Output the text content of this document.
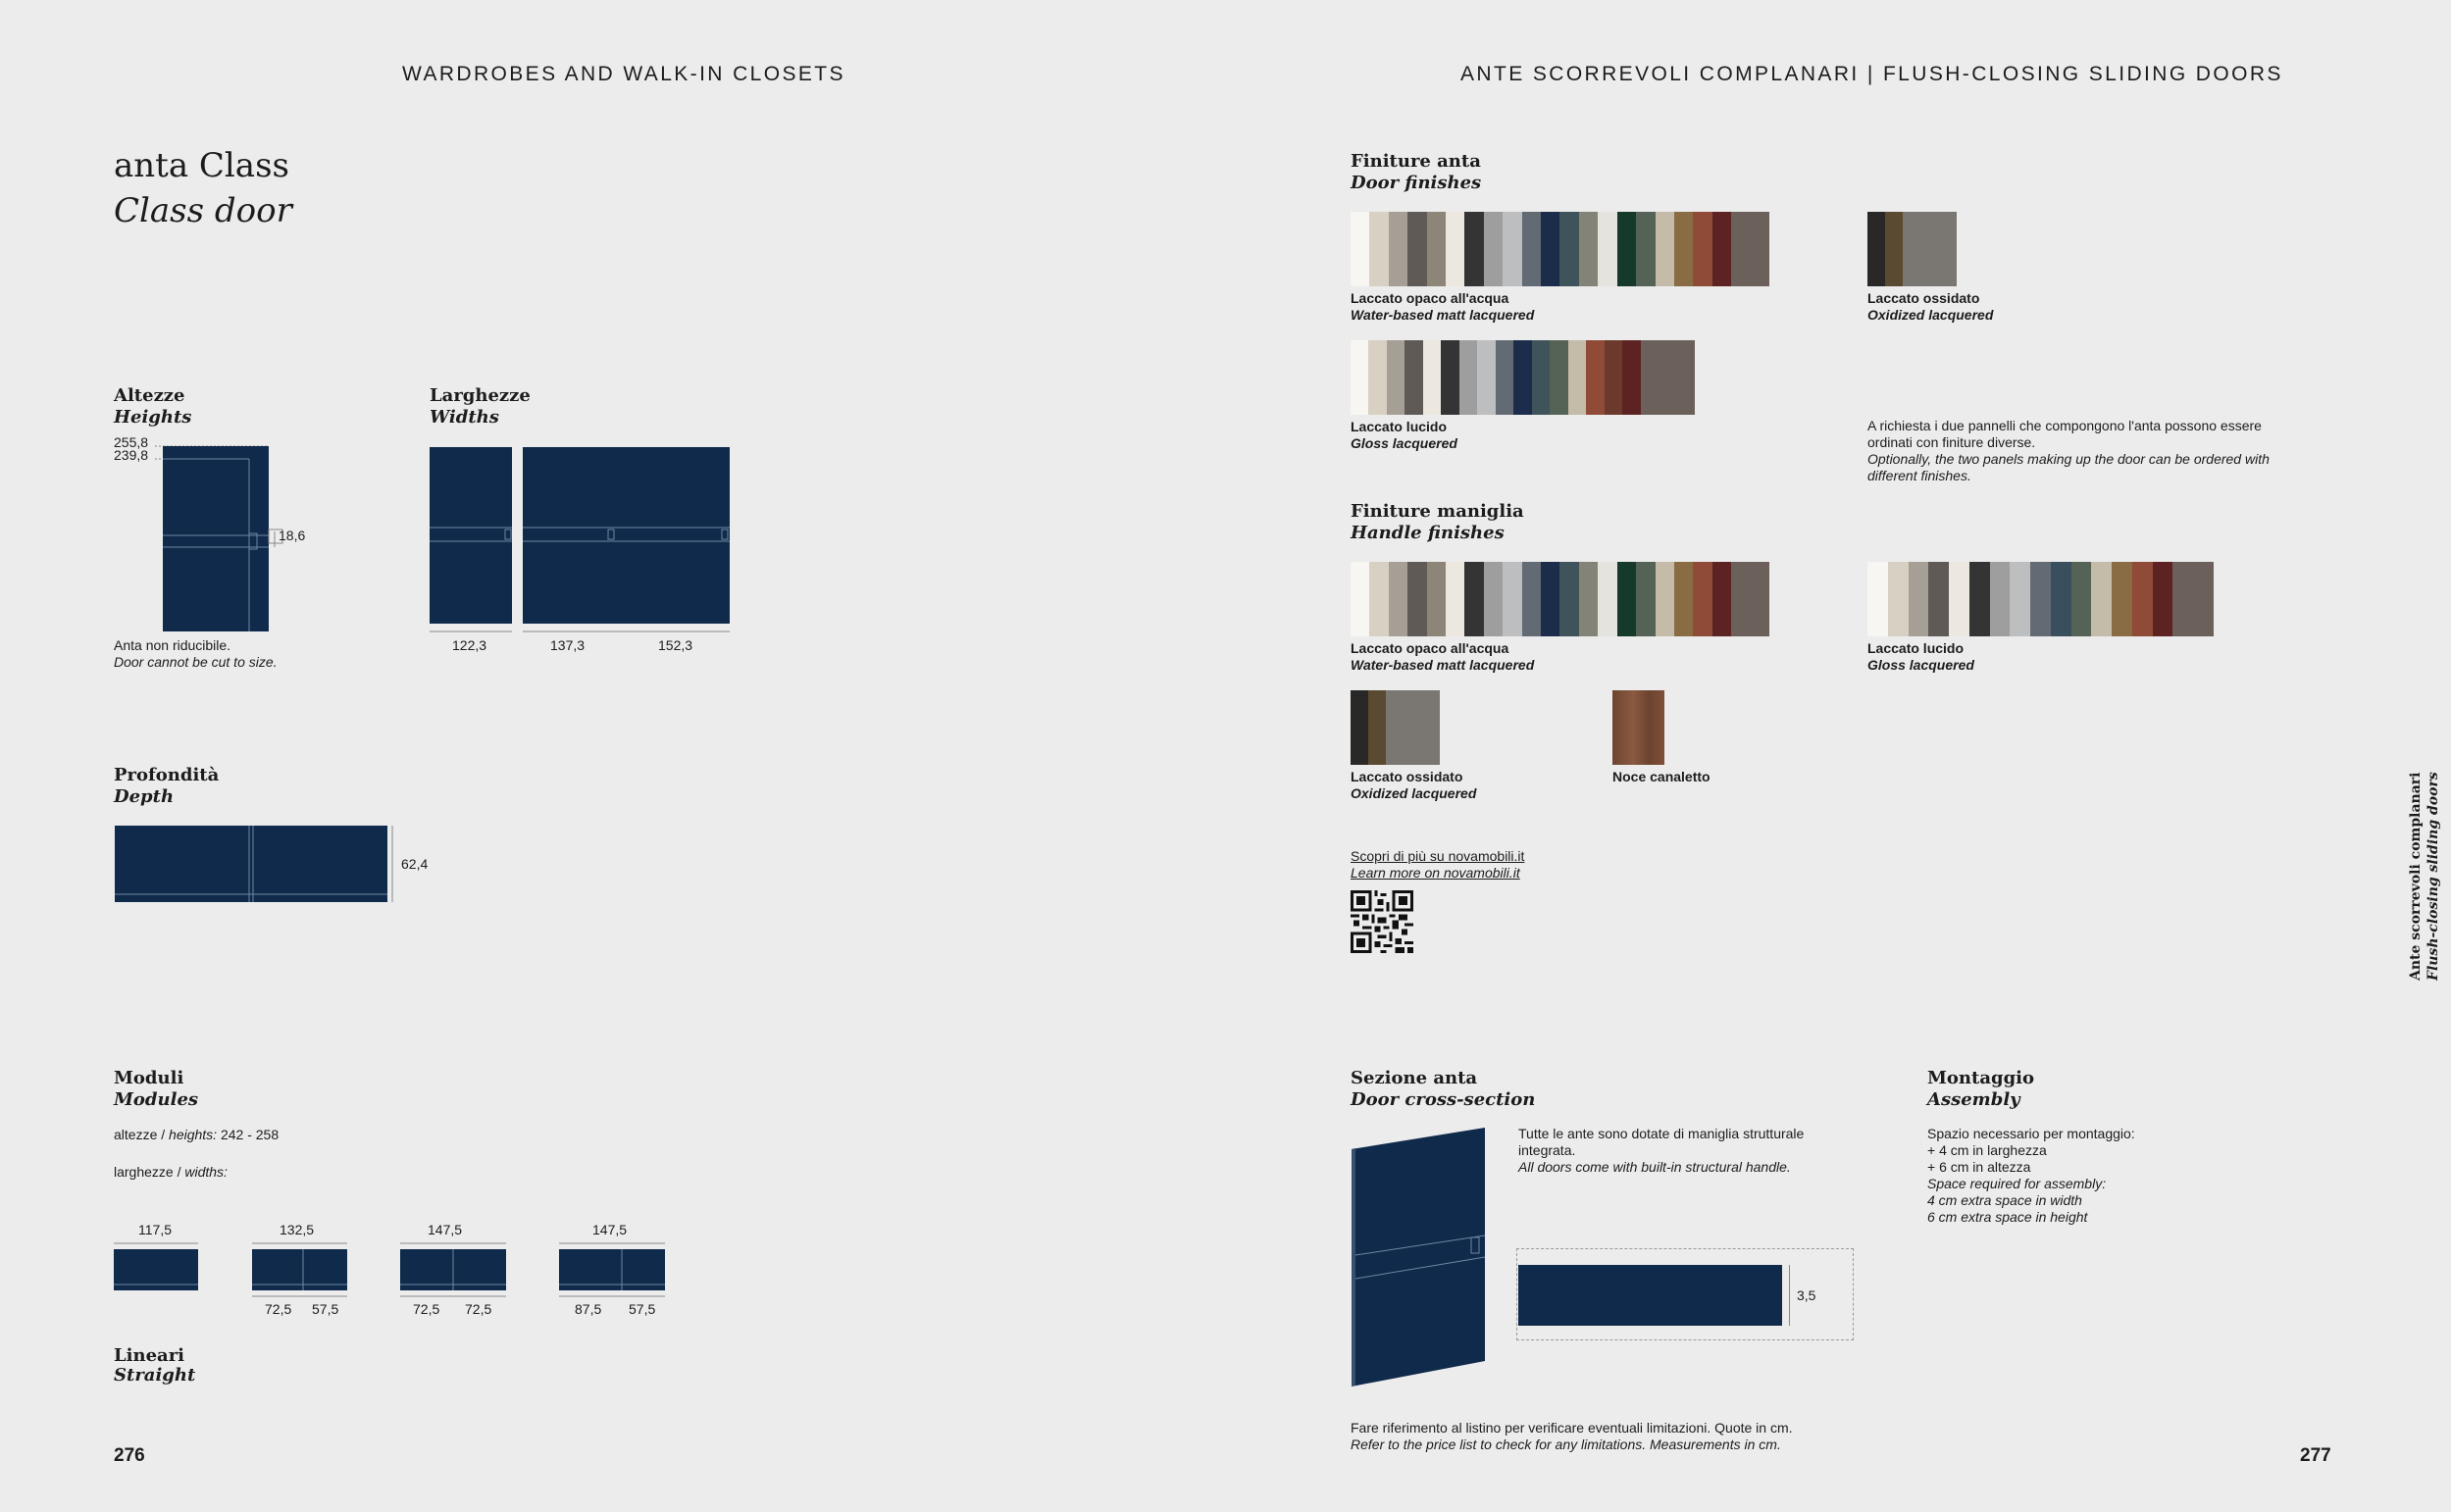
WARDROBES AND WALK-IN CLOSETS
anta Class
Class door
Altezze
Heights
255,8
239,8
18,6
Anta non riducibile.
Door cannot be cut to size.
Larghezze
Widths
122,3	137,3	152,3
Profondità
Depth
62,4
Moduli
Modules
altezze / heights: 242 - 258
larghezze / widths:
117,5	132,5	147,5	147,5
72,5 57,5	72,5 72,5	87,5 57,5
Lineari
Straight
276
ANTE SCORREVOLI COMPLANARI | FLUSH-CLOSING SLIDING DOORS
Finiture anta
Door finishes
Laccato opaco all'acqua
Water-based matt lacquered
Laccato ossidato
Oxidized lacquered
Laccato lucido
Gloss lacquered
A richiesta i due pannelli che compongono l'anta possono essere ordinati con finiture diverse.
Optionally, the two panels making up the door can be ordered with different finishes.
Finiture maniglia
Handle finishes
Laccato opaco all'acqua
Water-based matt lacquered
Laccato lucido
Gloss lacquered
Laccato ossidato
Oxidized lacquered
Noce canaletto
Scopri di più su novamobili.it
Learn more on novamobili.it
Sezione anta
Door cross-section
Tutte le ante sono dotate di maniglia strutturale integrata.
All doors come with built-in structural handle.
3,5
Montaggio
Assembly
Spazio necessario per montaggio:
+ 4 cm in larghezza
+ 6 cm in altezza
Space required for assembly:
4 cm extra space in width
6 cm extra space in height
Fare riferimento al listino per verificare eventuali limitazioni. Quote in cm.
Refer to the price list to check for any limitations. Measurements in cm.
277
Ante scorrevoli complanari Flush-closing sliding doors
